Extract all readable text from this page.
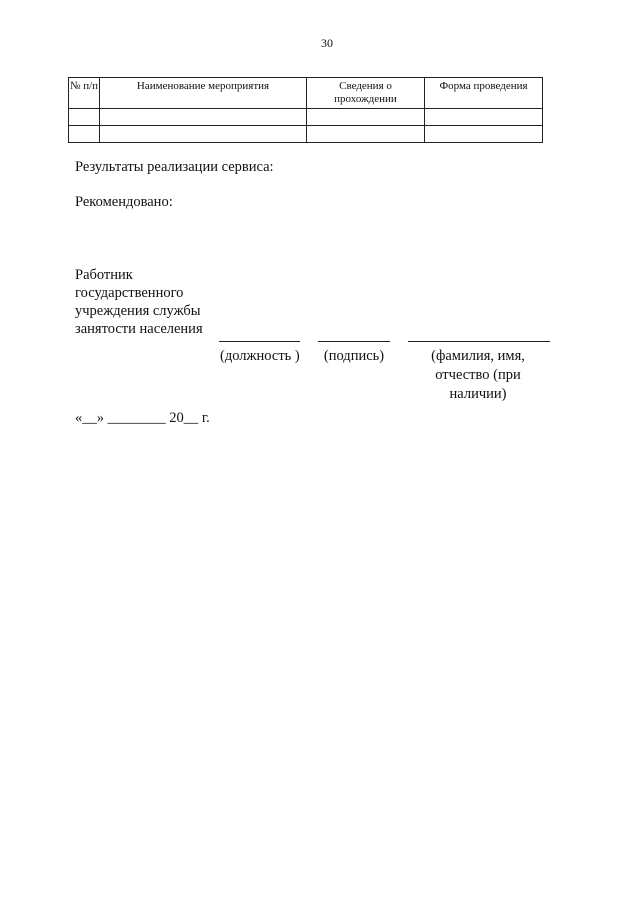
30
№ п/п	Наименование мероприятия	Сведения о прохождении	Форма проведения

Результаты реализации сервиса:
Рекомендовано:
Работник
государственного
учреждения службы
занятости населения
(должность )	(подпись)	(фамилия, имя, отчество (при наличии)
«__» ________ 20__ г.
